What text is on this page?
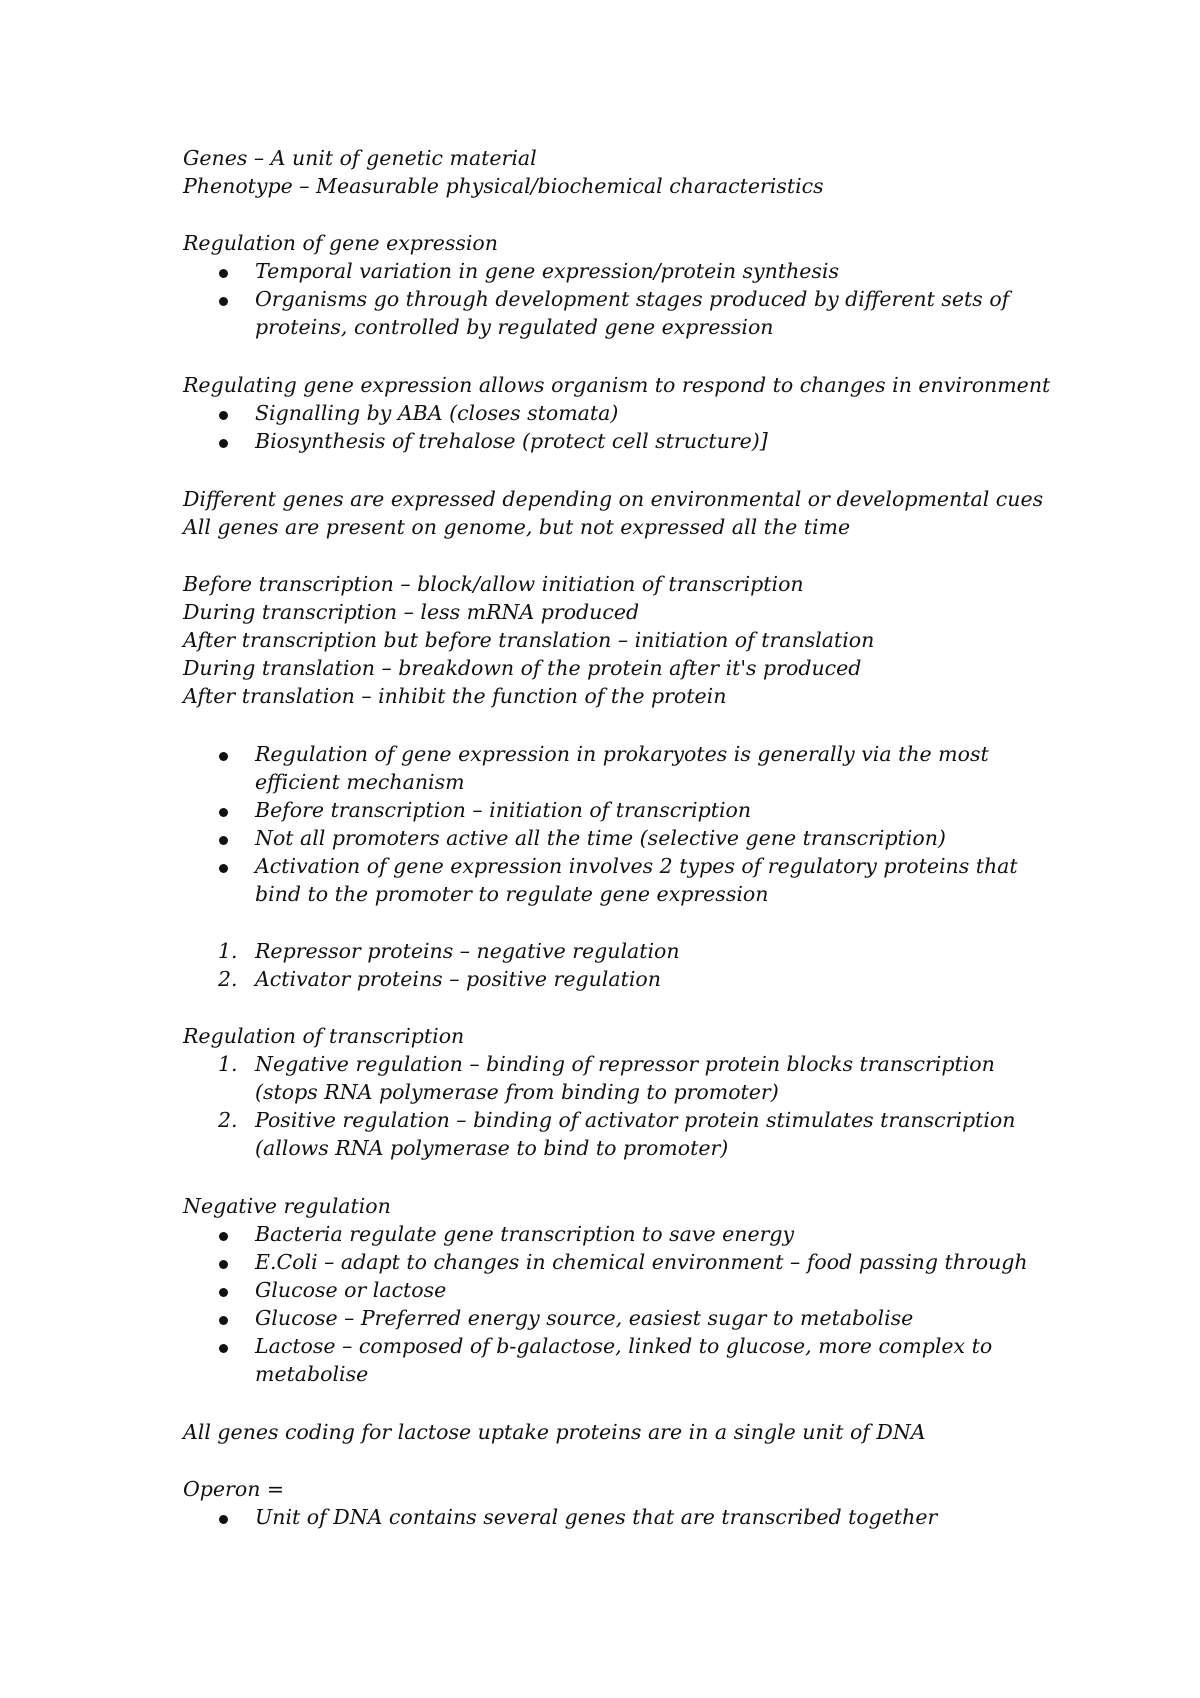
Genes – A unit of genetic material
Phenotype – Measurable physical/biochemical characteristics
Regulation of gene expression
Temporal variation in gene expression/protein synthesis
Organisms go through development stages produced by different sets of
proteins, controlled by regulated gene expression
Regulating gene expression allows organism to respond to changes in environment
Signalling by ABA (closes stomata)
Biosynthesis of trehalose (protect cell structure)]
Different genes are expressed depending on environmental or developmental cues
All genes are present on genome, but not expressed all the time
Before transcription – block/allow initiation of transcription
During transcription – less mRNA produced
After transcription but before translation – initiation of translation
During translation – breakdown of the protein after it's produced
After translation – inhibit the function of the protein
Regulation of gene expression in prokaryotes is generally via the most
efficient mechanism
Before transcription – initiation of transcription
Not all promoters active all the time (selective gene transcription)
Activation of gene expression involves 2 types of regulatory proteins that
bind to the promoter to regulate gene expression
1. Repressor proteins – negative regulation
2. Activator proteins – positive regulation
Regulation of transcription
1. Negative regulation – binding of repressor protein blocks transcription
(stops RNA polymerase from binding to promoter)
2. Positive regulation – binding of activator protein stimulates transcription
(allows RNA polymerase to bind to promoter)
Negative regulation
Bacteria regulate gene transcription to save energy
E.Coli – adapt to changes in chemical environment – food passing through
Glucose or lactose
Glucose – Preferred energy source, easiest sugar to metabolise
Lactose – composed of b-galactose, linked to glucose, more complex to
metabolise
All genes coding for lactose uptake proteins are in a single unit of DNA
Operon =
Unit of DNA contains several genes that are transcribed together
